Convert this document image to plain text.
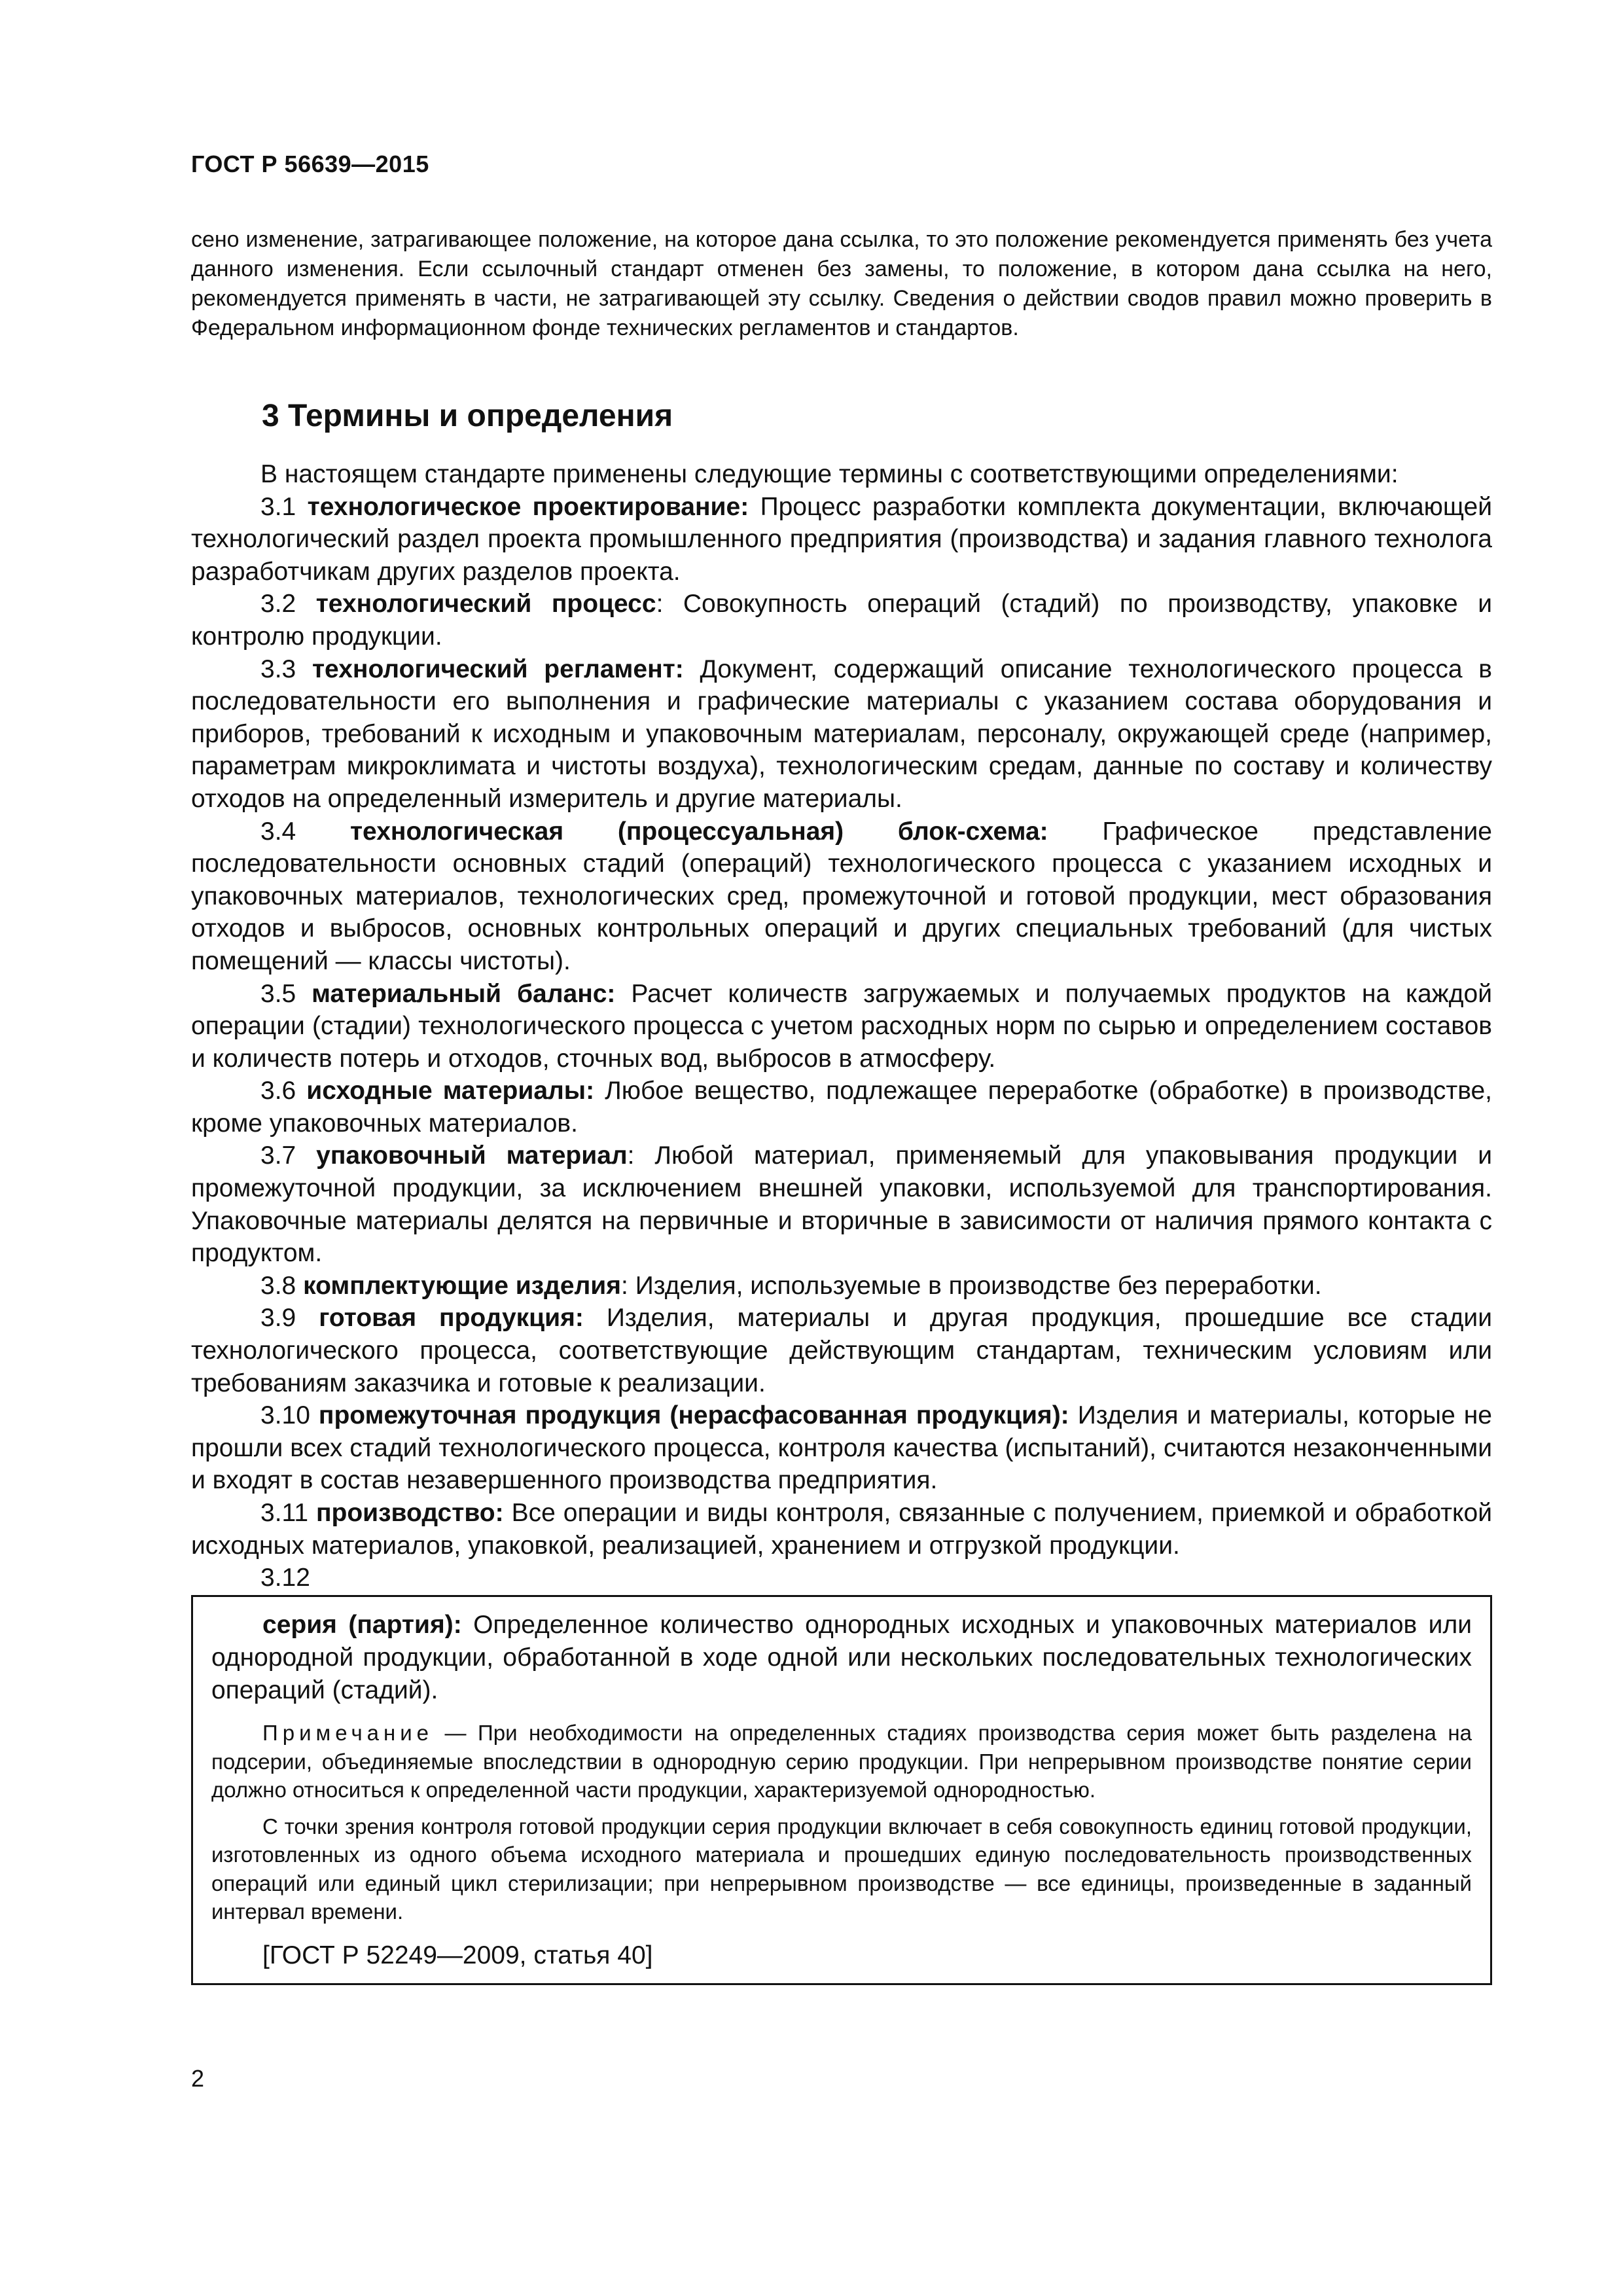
ГОСТ Р 56639—2015
сено изменение, затрагивающее положение, на которое дана ссылка, то это положение рекомендуется применять без учета данного изменения. Если ссылочный стандарт отменен без замены, то положение, в котором дана ссылка на него, рекомендуется применять в части, не затрагивающей эту ссылку. Сведения о действии сводов правил можно проверить в Федеральном информационном фонде технических регламентов и стандартов.
3 Термины и определения

В настоящем стандарте применены следующие термины с соответствующими определениями:

3.1 технологическое проектирование: Процесс разработки комплекта документации, включающей технологический раздел проекта промышленного предприятия (производства) и задания главного технолога разработчикам других разделов проекта.

3.2 технологический процесс: Совокупность операций (стадий) по производству, упаковке и контролю продукции.

3.3 технологический регламент: Документ, содержащий описание технологического процесса в последовательности его выполнения и графические материалы с указанием состава оборудования и приборов, требований к исходным и упаковочным материалам, персоналу, окружающей среде (например, параметрам микроклимата и чистоты воздуха), технологическим средам, данные по составу и количеству отходов на определенный измеритель и другие материалы.

3.4 технологическая (процессуальная) блок-схема: Графическое представление последовательности основных стадий (операций) технологического процесса с указанием исходных и упаковочных материалов, технологических сред, промежуточной и готовой продукции, мест образования отходов и выбросов, основных контрольных операций и других специальных требований (для чистых помещений — классы чистоты).

3.5 материальный баланс: Расчет количеств загружаемых и получаемых продуктов на каждой операции (стадии) технологического процесса с учетом расходных норм по сырью и определением составов и количеств потерь и отходов, сточных вод, выбросов в атмосферу.

3.6 исходные материалы: Любое вещество, подлежащее переработке (обработке) в производстве, кроме упаковочных материалов.

3.7 упаковочный материал: Любой материал, применяемый для упаковывания продукции и промежуточной продукции, за исключением внешней упаковки, используемой для транспортирования. Упаковочные материалы делятся на первичные и вторичные в зависимости от наличия прямого контакта с продуктом.

3.8 комплектующие изделия: Изделия, используемые в производстве без переработки.

3.9 готовая продукция: Изделия, материалы и другая продукция, прошедшие все стадии технологического процесса, соответствующие действующим стандартам, техническим условиям или требованиям заказчика и готовые к реализации.

3.10 промежуточная продукция (нерасфасованная продукция): Изделия и материалы, которые не прошли всех стадий технологического процесса, контроля качества (испытаний), считаются незаконченными и входят в состав незавершенного производства предприятия.

3.11 производство: Все операции и виды контроля, связанные с получением, приемкой и обработкой исходных материалов, упаковкой, реализацией, хранением и отгрузкой продукции.

3.12

серия (партия): Определенное количество однородных исходных и упаковочных материалов или однородной продукции, обработанной в ходе одной или нескольких последовательных технологических операций (стадий).

Примечание — При необходимости на определенных стадиях производства серия может быть разделена на подсерии, объединяемые впоследствии в однородную серию продукции. При непрерывном производстве понятие серии должно относиться к определенной части продукции, характеризуемой однородностью.

С точки зрения контроля готовой продукции серия продукции включает в себя совокупность единиц готовой продукции, изготовленных из одного объема исходного материала и прошедших единую последовательность производственных операций или единый цикл стерилизации; при непрерывном производстве — все единицы, произведенные в заданный интервал времени.

[ГОСТ Р 52249—2009, статья 40]

2
